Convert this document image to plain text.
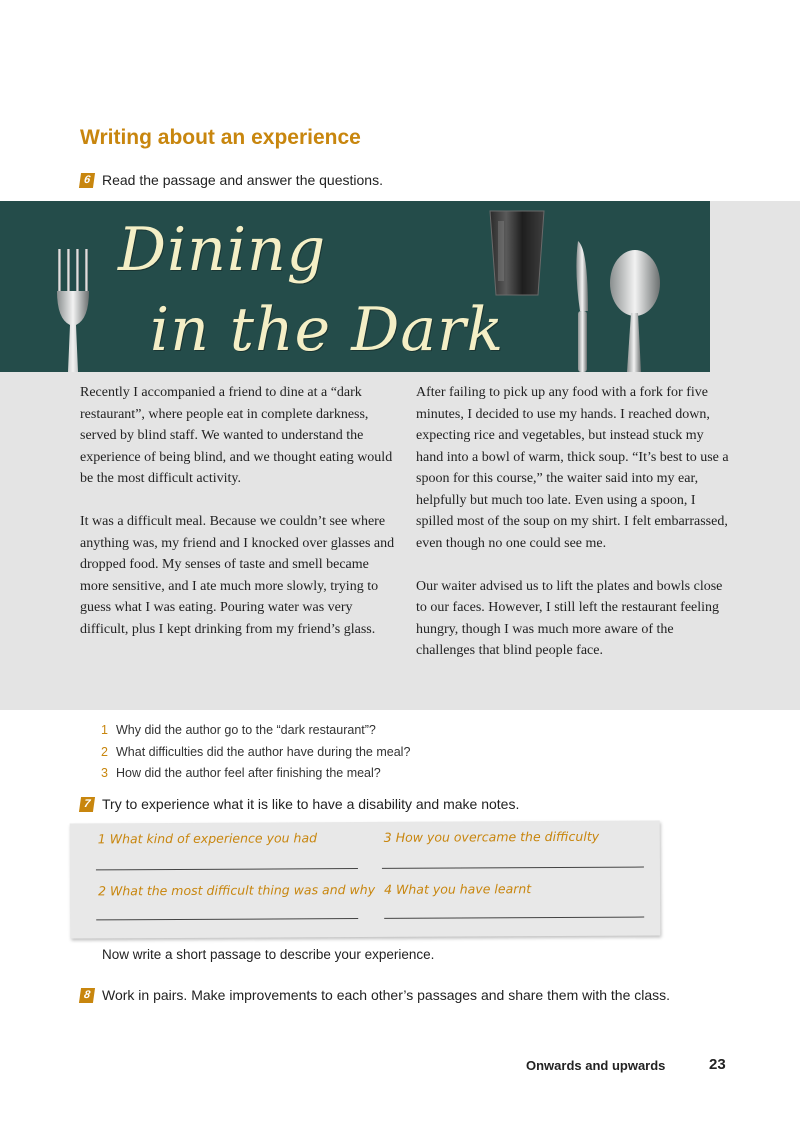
Writing about an experience
6 Read the passage and answer the questions.
Dining
in the Dark

Recently I accompanied a friend to dine at a “dark restaurant”, where people eat in complete darkness, served by blind staff. We wanted to understand the experience of being blind, and we thought eating would be the most difficult activity.

It was a difficult meal. Because we couldn’t see where anything was, my friend and I knocked over glasses and dropped food. My senses of taste and smell became more sensitive, and I ate much more slowly, trying to guess what I was eating. Pouring water was very difficult, plus I kept drinking from my friend’s glass.

After failing to pick up any food with a fork for five minutes, I decided to use my hands. I reached down, expecting rice and vegetables, but instead stuck my hand into a bowl of warm, thick soup. “It’s best to use a spoon for this course,” the waiter said into my ear, helpfully but much too late. Even using a spoon, I spilled most of the soup on my shirt. I felt embarrassed, even though no one could see me.

Our waiter advised us to lift the plates and bowls close to our faces. However, I still left the restaurant feeling hungry, though I was much more aware of the challenges that blind people face.

1 Why did the author go to the “dark restaurant”?
2 What difficulties did the author have during the meal?
3 How did the author feel after finishing the meal?
7 Try to experience what it is like to have a disability and make notes.
1 What kind of experience you had	3 How you overcame the difficulty
2 What the most difficult thing was and why 4 What you have learnt
Now write a short passage to describe your experience.
8 Work in pairs. Make improvements to each other’s passages and share them with the class.
Onwards and upwards	23
